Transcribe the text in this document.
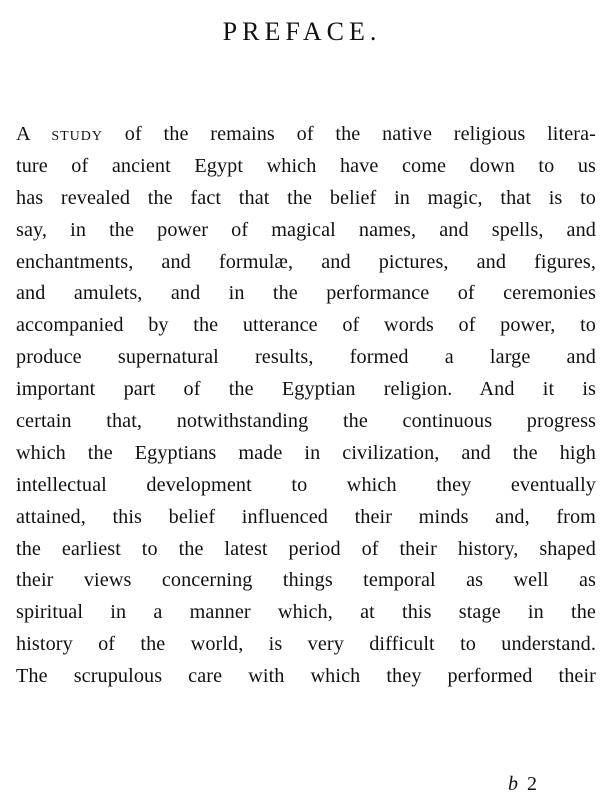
PREFACE.
A study of the remains of the native religious litera-
ture of ancient Egypt which have come down to us
has revealed the fact that the belief in magic, that is to
say, in the power of magical names, and spells, and
enchantments, and formulæ, and pictures, and figures,
and amulets, and in the performance of ceremonies
accompanied by the utterance of words of power, to
produce supernatural results, formed a large and
important part of the Egyptian religion. And it is
certain that, notwithstanding the continuous progress
which the Egyptians made in civilization, and the high
intellectual development to which they eventually
attained, this belief influenced their minds and, from
the earliest to the latest period of their history, shaped
their views concerning things temporal as well as
spiritual in a manner which, at this stage in the
history of the world, is very difficult to understand.
The scrupulous care with which they performed their
b 2
